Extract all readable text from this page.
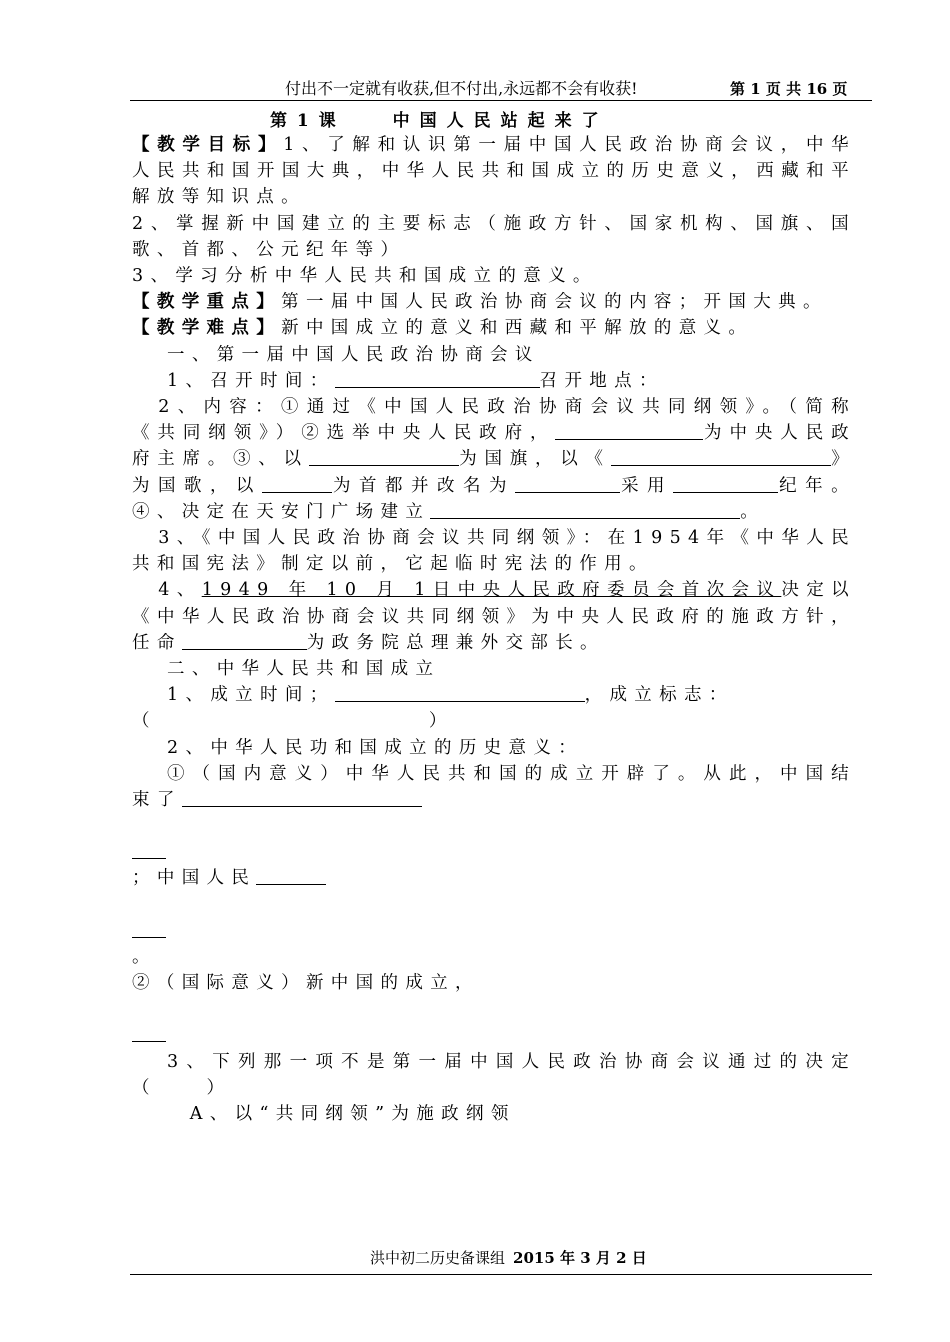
付出不一定就有收获,但不付出,永远都不会有收获!	第 1 页 共 16 页
第 1 课	中国人民站起来了

【教学目标】1、了解和认识第一届中国人民政治协商会议，中华人民共和国开国大典，中华人民共和国成立的历史意义，西藏和平解放等知识点。

2、掌握新中国建立的主要标志（施政方针、国家机构、国旗、国歌、首都、公元纪年等）

3、学习分析中华人民共和国成立的意义。

【教学重点】第一届中国人民政治协商会议的内容；开国大典。

【教学难点】新中国成立的意义和西藏和平解放的意义。

一、第一届中国人民政治协商会议

1、召开时间：	召开地点：

2、内容：①通过《中国人民政治协商会议共同纲领》。（简称《共同纲领》）②选举中央人民政府，	为中央人民政府主席。③、以	为国旗，以《	》为国歌，以	为首都并改名为	采用	纪年。④、决定在天安门广场建立	。

3、《中国人民政治协商会议共同纲领》：在1954年《中华人民共和国宪法》制定以前，它起临时宪法的作用。

4、1949 年 10 月 1日中央人民政府委员会首次会议决定以《中华人民政治协商会议共同纲领》为中央人民政府的施政方针，任命	为政务院总理兼外交部长。

二、中华人民共和国成立

1、成立时间；	，成立标志：

（	）

2、中华人民功和国成立的历史意义：

①（国内意义）中华人民共和国的成立开辟了。从此，中国结束了

；中国人民

。

②（国际意义）新中国的成立，

3、下列那一项不是第一届中国人民政治协商会议通过的决定（　　）

A、以“共同纲领”为施政纲领

洪中初二历史备课组 2015 年 3 月 2 日
